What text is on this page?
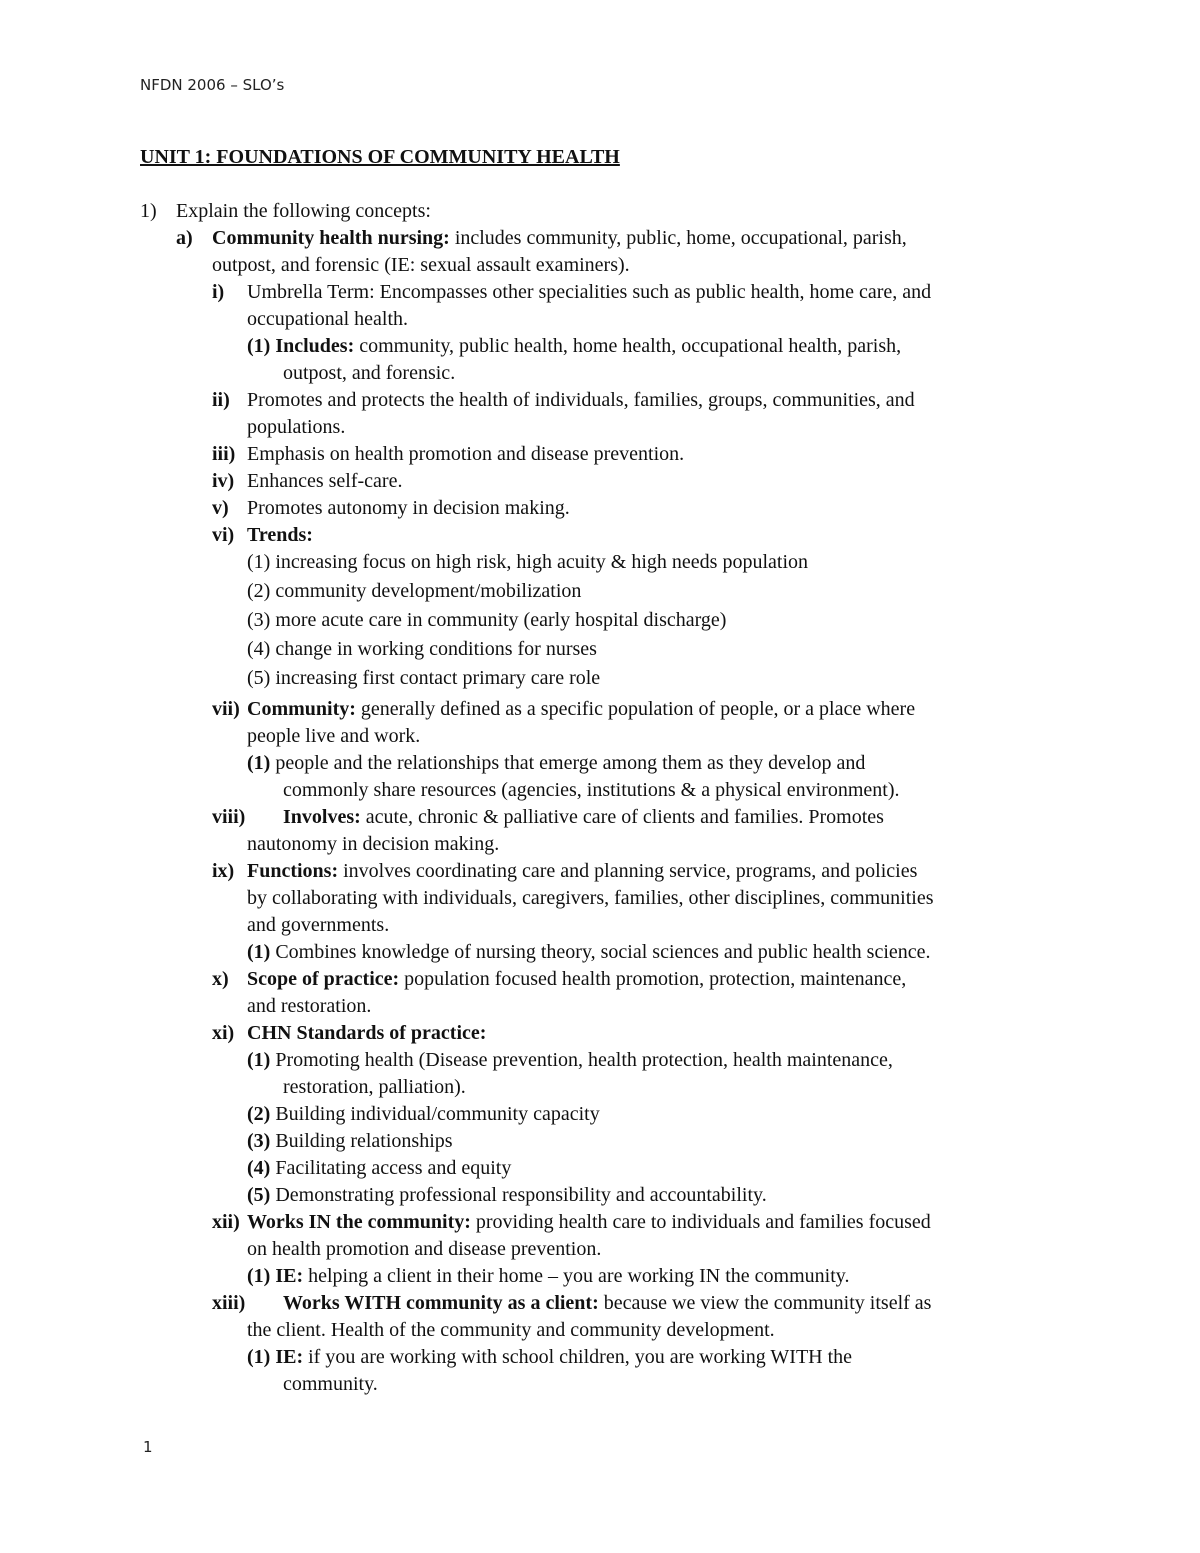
NFDN 2006 – SLO’s
UNIT 1: FOUNDATIONS OF COMMUNITY HEALTH
1) Explain the following concepts:
a) Community health nursing: includes community, public, home, occupational, parish,
outpost, and forensic (IE: sexual assault examiners).
i) Umbrella Term: Encompasses other specialities such as public health, home care, and
occupational health.
(1) Includes: community, public health, home health, occupational health, parish,
outpost, and forensic.
ii) Promotes and protects the health of individuals, families, groups, communities, and
populations.
iii) Emphasis on health promotion and disease prevention.
iv) Enhances self-care.
v) Promotes autonomy in decision making.
vi) Trends:
(1) increasing focus on high risk, high acuity & high needs population
(2) community development/mobilization
(3) more acute care in community (early hospital discharge)
(4) change in working conditions for nurses
(5) increasing first contact primary care role
vii) Community: generally defined as a specific population of people, or a place where
people live and work.
(1) people and the relationships that emerge among them as they develop and
commonly share resources (agencies, institutions & a physical environment).
viii) Involves: acute, chronic & palliative care of clients and families. Promotes
nautonomy in decision making.
ix) Functions: involves coordinating care and planning service, programs, and policies
by collaborating with individuals, caregivers, families, other disciplines, communities
and governments.
(1) Combines knowledge of nursing theory, social sciences and public health science.
x) Scope of practice: population focused health promotion, protection, maintenance,
and restoration.
xi) CHN Standards of practice:
(1) Promoting health (Disease prevention, health protection, health maintenance,
restoration, palliation).
(2) Building individual/community capacity
(3) Building relationships
(4) Facilitating access and equity
(5) Demonstrating professional responsibility and accountability.
xii) Works IN the community: providing health care to individuals and families focused
on health promotion and disease prevention.
(1) IE: helping a client in their home – you are working IN the community.
xiii) Works WITH community as a client: because we view the community itself as
the client. Health of the community and community development.
(1) IE: if you are working with school children, you are working WITH the
community.
1
